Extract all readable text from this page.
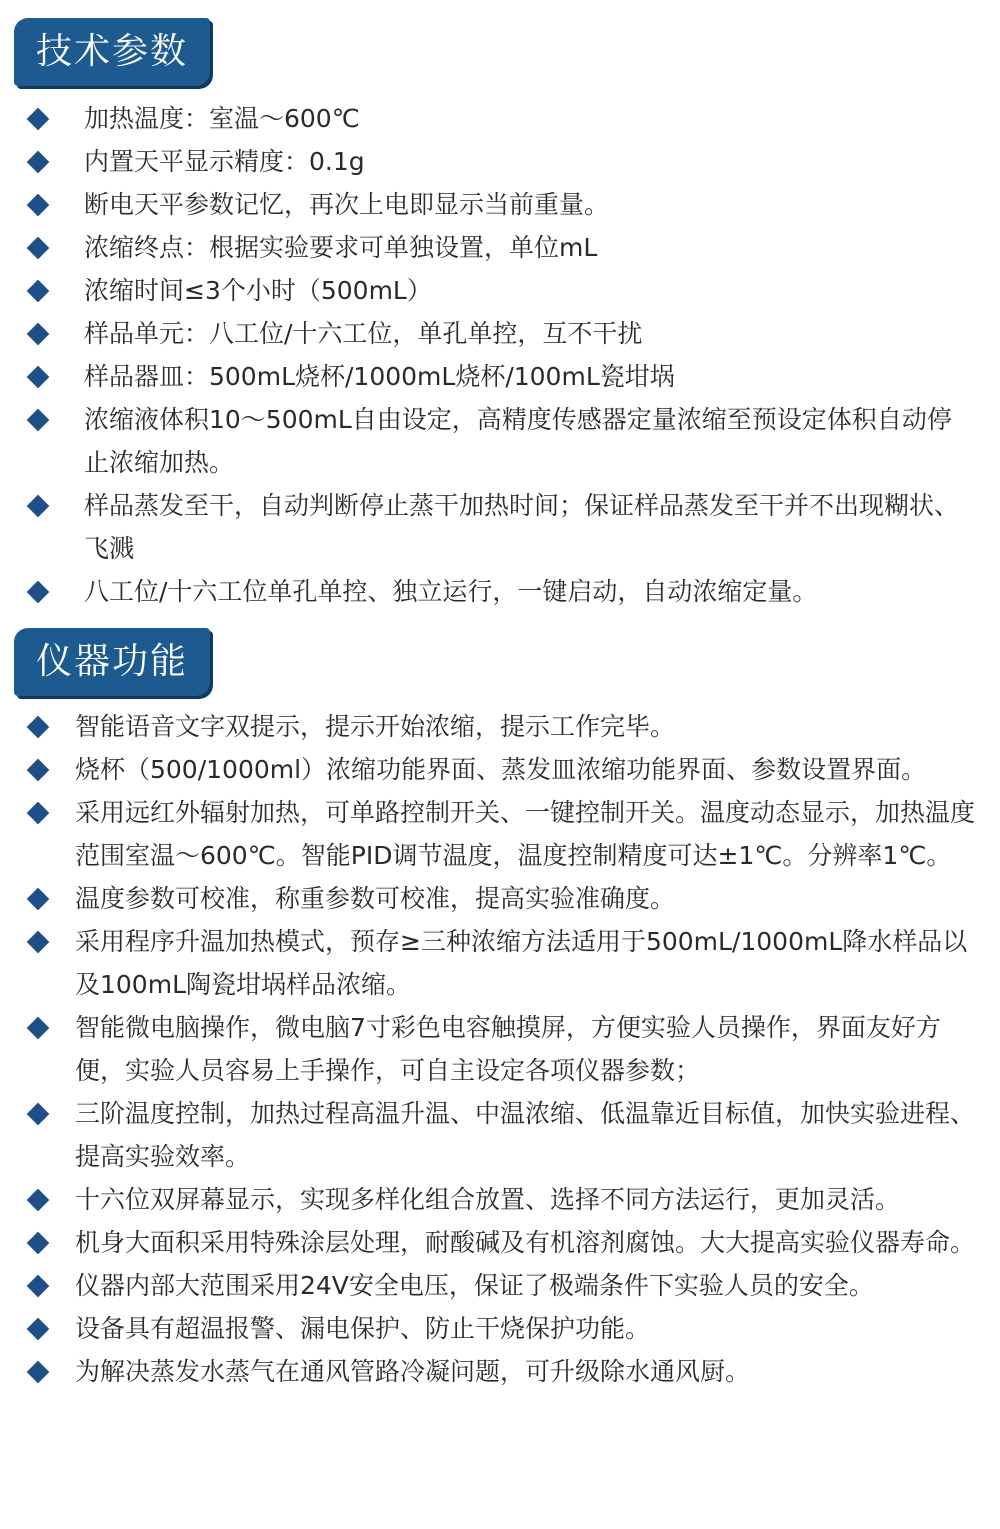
技术参数
加热温度：室温～600℃
内置天平显示精度：0.1g
断电天平参数记忆，再次上电即显示当前重量。
浓缩终点：根据实验要求可单独设置，单位mL
浓缩时间≤3个小时（500mL）
样品单元：八工位/十六工位，单孔单控，互不干扰
样品器皿：500mL烧杯/1000mL烧杯/100mL瓷坩埚
浓缩液体积10～500mL自由设定，高精度传感器定量浓缩至预设定体积自动停止浓缩加热。
样品蒸发至干，自动判断停止蒸干加热时间；保证样品蒸发至干并不出现糊状、飞溅
八工位/十六工位单孔单控、独立运行，一键启动，自动浓缩定量。
仪器功能
智能语音文字双提示，提示开始浓缩，提示工作完毕。
烧杯（500/1000ml）浓缩功能界面、蒸发皿浓缩功能界面、参数设置界面。
采用远红外辐射加热，可单路控制开关、一键控制开关。温度动态显示，加热温度范围室温～600℃。智能PID调节温度，温度控制精度可达±1℃。分辨率1℃。
温度参数可校准，称重参数可校准，提高实验准确度。
采用程序升温加热模式，预存≥三种浓缩方法适用于500mL/1000mL降水样品以及100mL陶瓷坩埚样品浓缩。
智能微电脑操作，微电脑7寸彩色电容触摸屏，方便实验人员操作，界面友好方便，实验人员容易上手操作，可自主设定各项仪器参数；
三阶温度控制，加热过程高温升温、中温浓缩、低温靠近目标值，加快实验进程、提高实验效率。
十六位双屏幕显示，实现多样化组合放置、选择不同方法运行，更加灵活。
机身大面积采用特殊涂层处理，耐酸碱及有机溶剂腐蚀。大大提高实验仪器寿命。
仪器内部大范围采用24V安全电压，保证了极端条件下实验人员的安全。
设备具有超温报警、漏电保护、防止干烧保护功能。
为解决蒸发水蒸气在通风管路冷凝问题，可升级除水通风厨。
